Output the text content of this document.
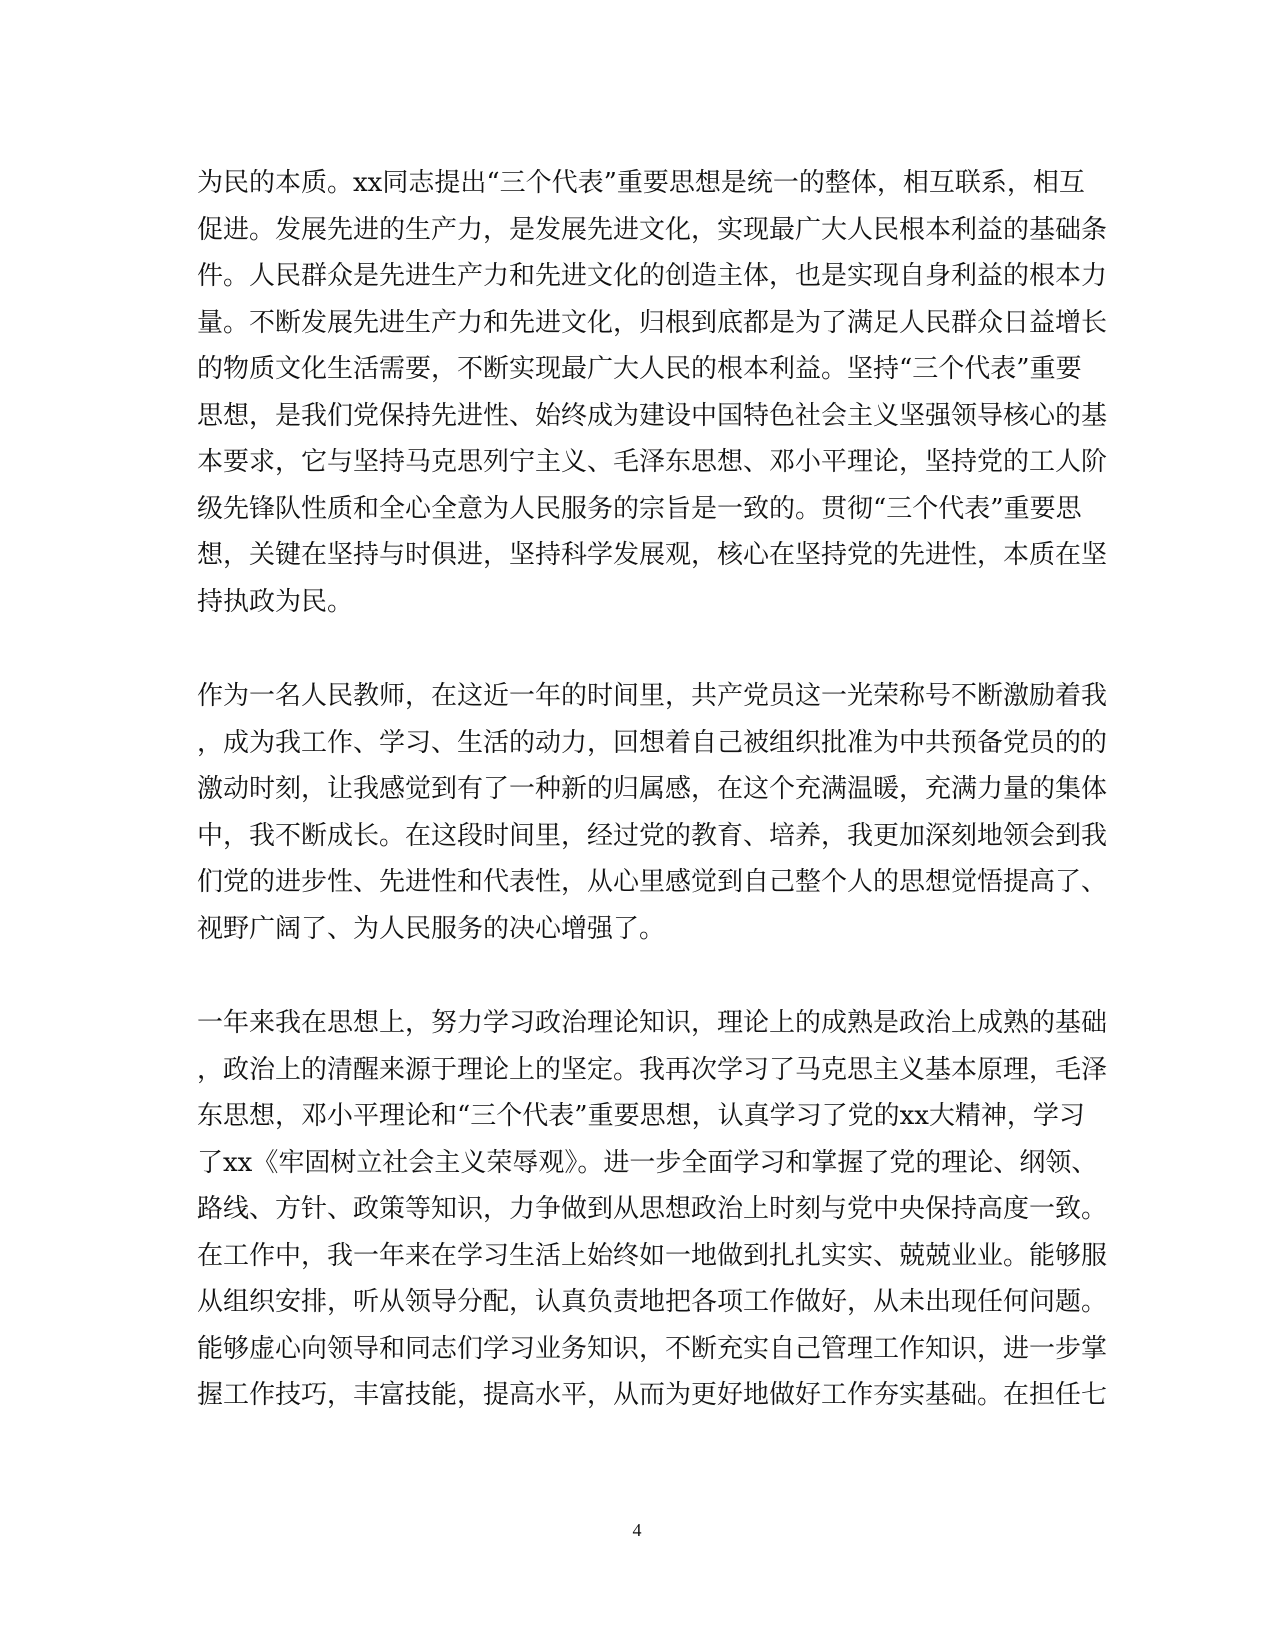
为民的本质。xx同志提出“三个代表”重要思想是统一的整体，相互联系，相互
促进。发展先进的生产力，是发展先进文化，实现最广大人民根本利益的基础条
件。人民群众是先进生产力和先进文化的创造主体，也是实现自身利益的根本力
量。不断发展先进生产力和先进文化，归根到底都是为了满足人民群众日益增长
的物质文化生活需要，不断实现最广大人民的根本利益。坚持“三个代表”重要
思想，是我们党保持先进性、始终成为建设中国特色社会主义坚强领导核心的基
本要求，它与坚持马克思列宁主义、毛泽东思想、邓小平理论，坚持党的工人阶
级先锋队性质和全心全意为人民服务的宗旨是一致的。贯彻“三个代表”重要思
想，关键在坚持与时俱进，坚持科学发展观，核心在坚持党的先进性，本质在坚
持执政为民。
作为一名人民教师，在这近一年的时间里，共产党员这一光荣称号不断激励着我
，成为我工作、学习、生活的动力，回想着自己被组织批准为中共预备党员的的
激动时刻，让我感觉到有了一种新的归属感，在这个充满温暖，充满力量的集体
中，我不断成长。在这段时间里，经过党的教育、培养，我更加深刻地领会到我
们党的进步性、先进性和代表性，从心里感觉到自己整个人的思想觉悟提高了、
视野广阔了、为人民服务的决心增强了。
一年来我在思想上，努力学习政治理论知识，理论上的成熟是政治上成熟的基础
，政治上的清醒来源于理论上的坚定。我再次学习了马克思主义基本原理，毛泽
东思想，邓小平理论和“三个代表”重要思想，认真学习了党的xx大精神，学习
了xx《牢固树立社会主义荣辱观》。进一步全面学习和掌握了党的理论、纲领、
路线、方针、政策等知识，力争做到从思想政治上时刻与党中央保持高度一致。
在工作中，我一年来在学习生活上始终如一地做到扎扎实实、兢兢业业。能够服
从组织安排，听从领导分配，认真负责地把各项工作做好，从未出现任何问题。
能够虚心向领导和同志们学习业务知识，不断充实自己管理工作知识，进一步掌
握工作技巧，丰富技能，提高水平，从而为更好地做好工作夯实基础。在担任七
4
